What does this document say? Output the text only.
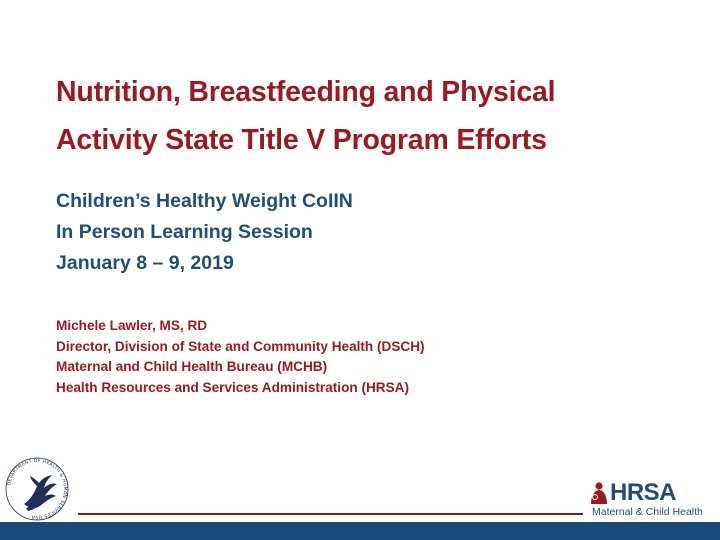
Nutrition, Breastfeeding and Physical
Activity State Title V Program Efforts
Children’s Healthy Weight CoIIN
In Person Learning Session
January 8 – 9, 2019
Michele Lawler, MS, RD
Director, Division of State and Community Health (DSCH)
Maternal and Child Health Bureau (MCHB)
Health Resources and Services Administration (HRSA)
DEPARTMENT OF HEALTH & HUMAN SERVICES USA
HRSA
Maternal & Child Health
